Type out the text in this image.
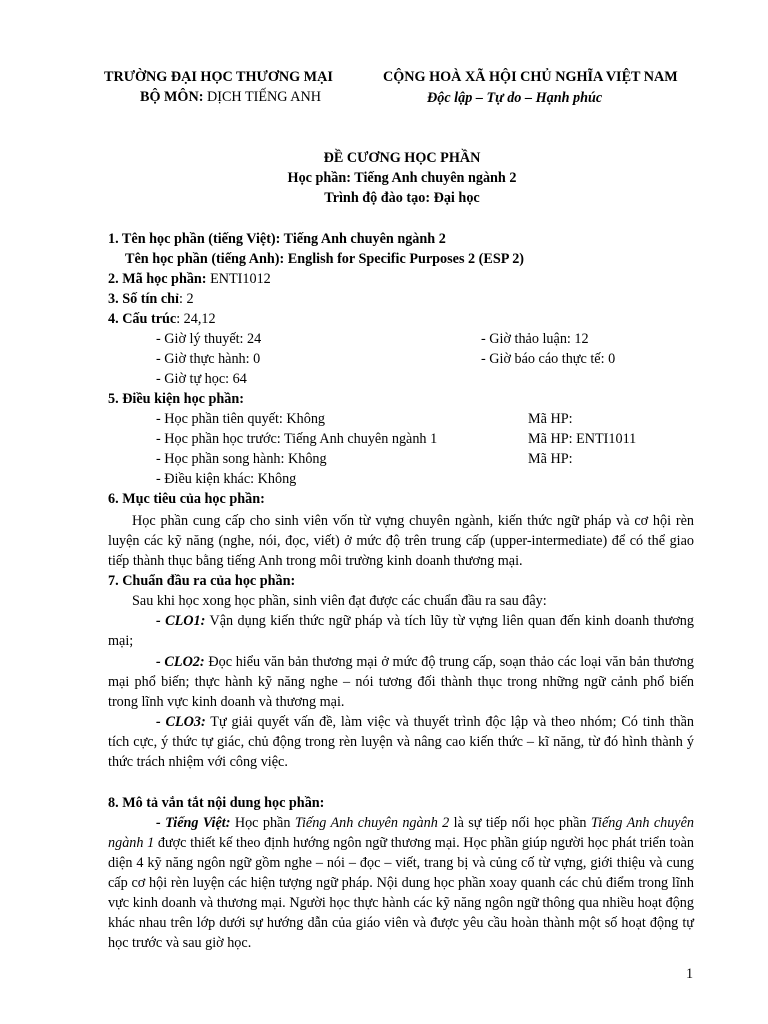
TRƯỜNG ĐẠI HỌC THƯƠNG MẠI
BỘ MÔN: DỊCH TIẾNG ANH
CỘNG HOÀ XÃ HỘI CHỦ NGHĨA VIỆT NAM
Độc lập – Tự do – Hạnh phúc
ĐỀ CƯƠNG HỌC PHẦN
Học phần: Tiếng Anh chuyên ngành 2
Trình độ đào tạo: Đại học
1. Tên học phần (tiếng Việt): Tiếng Anh chuyên ngành 2
Tên học phần (tiếng Anh): English for Specific Purposes 2 (ESP 2)
2. Mã học phần: ENTI1012
3. Số tín chỉ: 2
4. Cấu trúc: 24,12
- Giờ lý thuyết: 24	- Giờ thảo luận: 12
- Giờ thực hành: 0	- Giờ báo cáo thực tế: 0
- Giờ tự học: 64
5. Điều kiện học phần:
- Học phần tiên quyết: Không	Mã HP:
- Học phần học trước: Tiếng Anh chuyên ngành 1	Mã HP: ENTI1011
- Học phần song hành: Không	Mã HP:
- Điều kiện khác: Không
6. Mục tiêu của học phần:
Học phần cung cấp cho sinh viên vốn từ vựng chuyên ngành, kiến thức ngữ pháp và cơ hội rèn luyện các kỹ năng (nghe, nói, đọc, viết) ở mức độ trên trung cấp (upper-intermediate) để có thể giao tiếp thành thục bằng tiếng Anh trong môi trường kinh doanh thương mại.
7. Chuẩn đầu ra của học phần:
Sau khi học xong học phần, sinh viên đạt được các chuẩn đầu ra sau đây:
- CLO1: Vận dụng kiến thức ngữ pháp và tích lũy từ vựng liên quan đến kinh doanh thương mại;
- CLO2: Đọc hiểu văn bản thương mại ở mức độ trung cấp, soạn thảo các loại văn bản thương mại phổ biến; thực hành kỹ năng nghe – nói tương đối thành thục trong những ngữ cảnh phổ biến trong lĩnh vực kinh doanh và thương mại.
- CLO3: Tự giải quyết vấn đề, làm việc và thuyết trình độc lập và theo nhóm; Có tinh thần tích cực, ý thức tự giác, chủ động trong rèn luyện và nâng cao kiến thức – kĩ năng, từ đó hình thành ý thức trách nhiệm với công việc.
8. Mô tả vắn tắt nội dung học phần:
- Tiếng Việt: Học phần Tiếng Anh chuyên ngành 2 là sự tiếp nối học phần Tiếng Anh chuyên ngành 1 được thiết kế theo định hướng ngôn ngữ thương mại. Học phần giúp người học phát triển toàn diện 4 kỹ năng ngôn ngữ gồm nghe – nói – đọc – viết, trang bị và củng cố từ vựng, giới thiệu và cung cấp cơ hội rèn luyện các hiện tượng ngữ pháp. Nội dung học phần xoay quanh các chủ điểm trong lĩnh vực kinh doanh và thương mại. Người học thực hành các kỹ năng ngôn ngữ thông qua nhiều hoạt động khác nhau trên lớp dưới sự hướng dẫn của giáo viên và được yêu cầu hoàn thành một số hoạt động tự học trước và sau giờ học.
1
